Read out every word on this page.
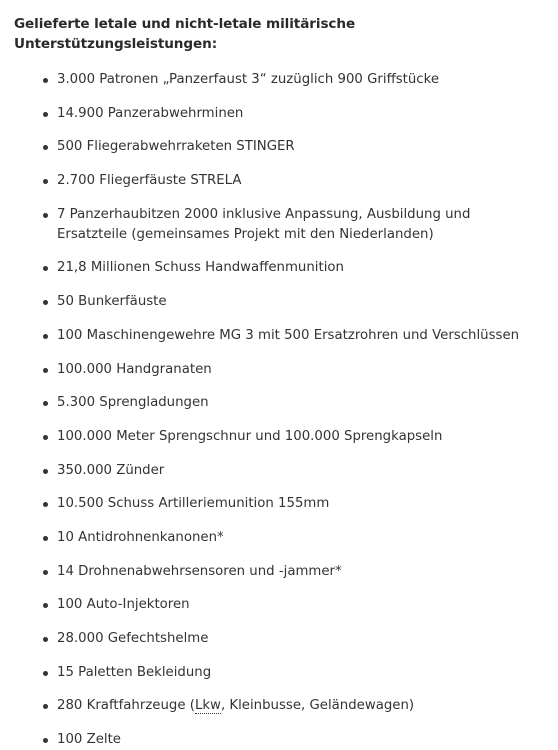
Gelieferte letale und nicht-letale militärische Unterstützungsleistungen:
3.000 Patronen „Panzerfaust 3“ zuzüglich 900 Griffstücke
14.900 Panzerabwehrminen
500 Fliegerabwehrraketen STINGER
2.700 Fliegerfäuste STRELA
7 Panzerhaubitzen 2000 inklusive Anpassung, Ausbildung und Ersatzteile (gemeinsames Projekt mit den Niederlanden)
21,8 Millionen Schuss Handwaffenmunition
50 Bunkerfäuste
100 Maschinengewehre MG 3 mit 500 Ersatzrohren und Verschlüssen
100.000 Handgranaten
5.300 Sprengladungen
100.000 Meter Sprengschnur und 100.000 Sprengkapseln
350.000 Zünder
10.500 Schuss Artilleriemunition 155mm
10 Antidrohnenkanonen*
14 Drohnenabwehrsensoren und -jammer*
100 Auto-Injektoren
28.000 Gefechtshelme
15 Paletten Bekleidung
280 Kraftfahrzeuge (Lkw, Kleinbusse, Geländewagen)
100 Zelte
